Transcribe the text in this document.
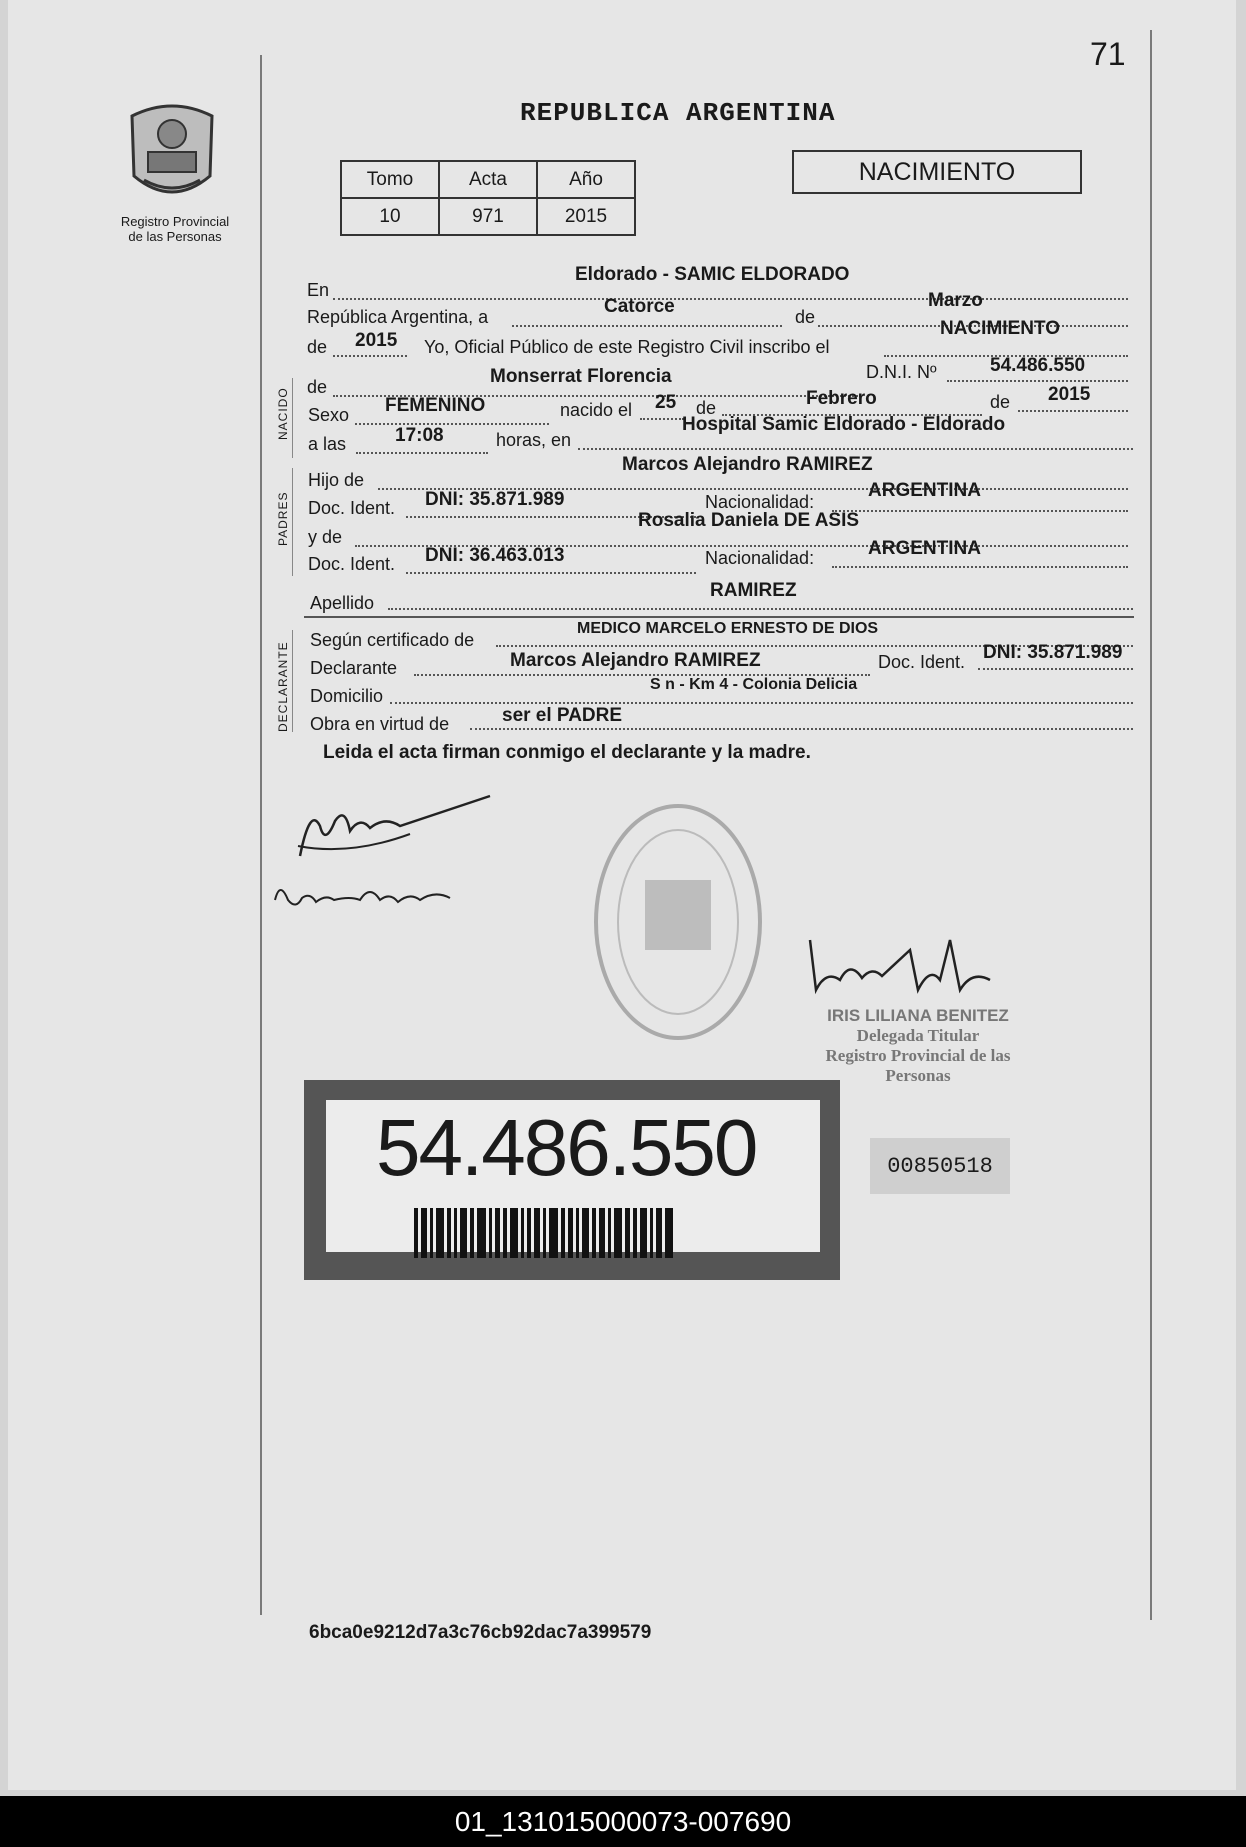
71
REPUBLICA ARGENTINA
Registro Provincial
de las Personas
Tomo	Acta	Año
10	971	2015
NACIMIENTO
En
Eldorado - SAMIC ELDORADO
República Argentina, a	Catorce	de
Marzo
de 2015 Yo, Oficial Público de este Registro Civil inscribo el
NACIMIENTO
NACIDO
de	Monserrat Florencia	D.N.I. Nº	54.486.550
Sexo FEMENINO	nacido el 25 de	Febrero	de 2015
a las	17:08	horas, en
Hospital Samic Eldorado - Eldorado
PADRES
Hijo de
Marcos Alejandro RAMIREZ
Doc. Ident. DNI: 35.871.989	Nacionalidad:
ARGENTINA
y de
Rosalia Daniela DE ASIS
Doc. Ident. DNI: 36.463.013	Nacionalidad:	ARGENTINA
Apellido
RAMIREZ
DECLARANTE
Según certificado de
MEDICO MARCELO ERNESTO DE DIOS
Declarante	Marcos Alejandro RAMIREZ	Doc. Ident. DNI: 35.871.989
Domicilio
S n - Km 4 - Colonia Delicia
Obra en virtud de	ser el PADRE
Leida el acta firman conmigo el declarante y la madre.
IRIS LILIANA BENITEZ
Delegada Titular
Registro Provincial de las Personas
54.486.550	00850518
6bca0e9212d7a3c76cb92dac7a399579
01_131015000073-007690
